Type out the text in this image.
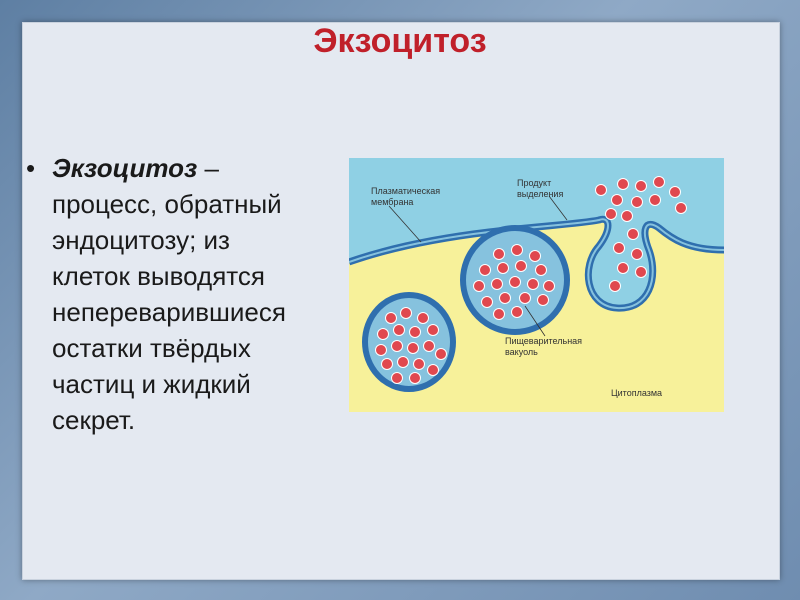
Экзоцитоз
• Экзоцитоз –
процесс, обратный
эндоцитозу; из
клеток выводятся
непереварившиеся
остатки твёрдых
частиц и жидкий
секрет.
Плазматическая
мембрана
Продукт
выделения
Пищеварительная
вакуоль
Цитоплазма
